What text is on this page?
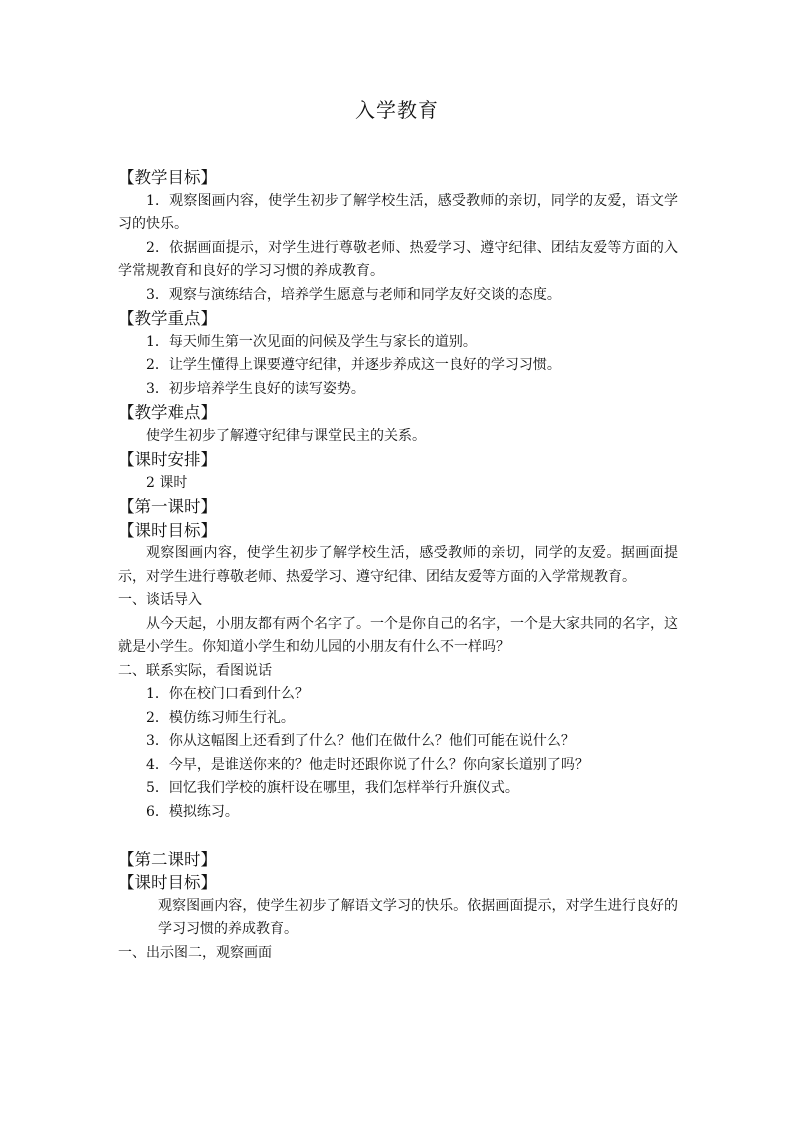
入学教育
【教学目标】

1．观察图画内容，使学生初步了解学校生活，感受教师的亲切，同学的友爱，语文学习的快乐。

2．依据画面提示，对学生进行尊敬老师、热爱学习、遵守纪律、团结友爱等方面的入学常规教育和良好的学习习惯的养成教育。

3．观察与演练结合，培养学生愿意与老师和同学友好交谈的态度。

【教学重点】

1．每天师生第一次见面的问候及学生与家长的道别。

2．让学生懂得上课要遵守纪律，并逐步养成这一良好的学习习惯。

3．初步培养学生良好的读写姿势。

【教学难点】

使学生初步了解遵守纪律与课堂民主的关系。

【课时安排】

2 课时

【第一课时】
【课时目标】

观察图画内容，使学生初步了解学校生活，感受教师的亲切，同学的友爱。据画面提示，对学生进行尊敬老师、热爱学习、遵守纪律、团结友爱等方面的入学常规教育。

一、谈话导入

从今天起，小朋友都有两个名字了。一个是你自己的名字，一个是大家共同的名字，这就是小学生。你知道小学生和幼儿园的小朋友有什么不一样吗？

二、联系实际，看图说话

1．你在校门口看到什么？

2．模仿练习师生行礼。

3．你从这幅图上还看到了什么？他们在做什么？他们可能在说什么？

4．今早，是谁送你来的？他走时还跟你说了什么？你向家长道别了吗？

5．回忆我们学校的旗杆设在哪里，我们怎样举行升旗仪式。

6．模拟练习。

【第二课时】
【课时目标】

观察图画内容，使学生初步了解语文学习的快乐。依据画面提示，对学生进行良好的学习习惯的养成教育。

一、出示图二，观察画面
